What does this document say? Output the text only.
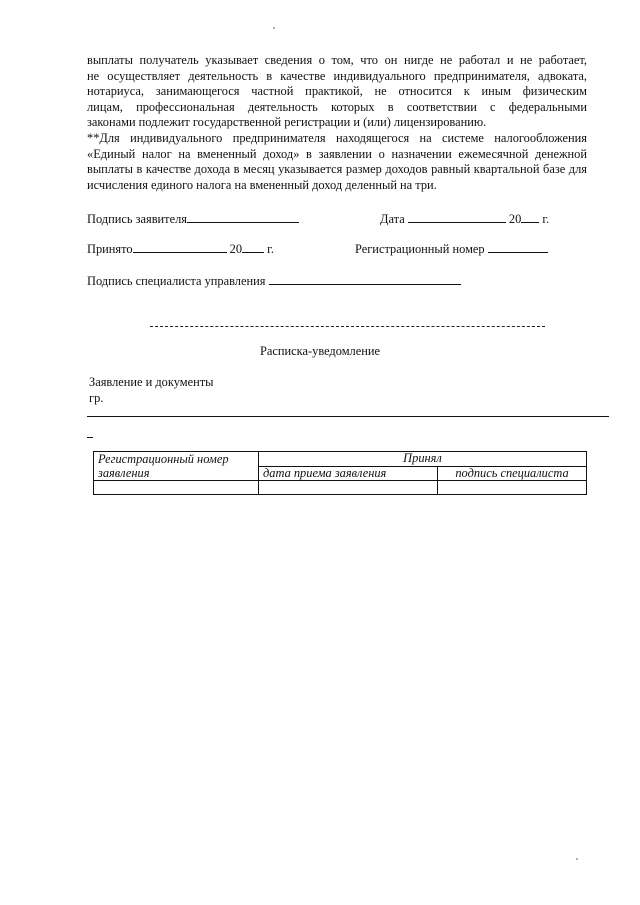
выплаты получатель указывает сведения о том, что он нигде не работал и не работает,
не осуществляет деятельность в качестве индивидуального предпринимателя, адвоката,
нотариуса, занимающегося частной практикой, не относится к иным физическим
лицам, профессиональная деятельность которых в соответствии с федеральными
законами подлежит государственной регистрации и (или) лицензированию.
**Для индивидуального предпринимателя находящегося на системе налогообложения
«Единый налог на вмененный доход» в заявлении о назначении ежемесячной денежной
выплаты в качестве дохода в месяц указывается размер доходов равный квартальной базе для
исчисления единого налога на вмененный доход деленный на три.
Подпись заявителя	Дата	20 г.
Принято	20 г.	Регистрационный номер
Подпись специалиста управления
Расписка-уведомление
Заявление и документы
гр.
Регистрационный номер заявления	Принял	
	дата приема заявления	подпись специалиста
